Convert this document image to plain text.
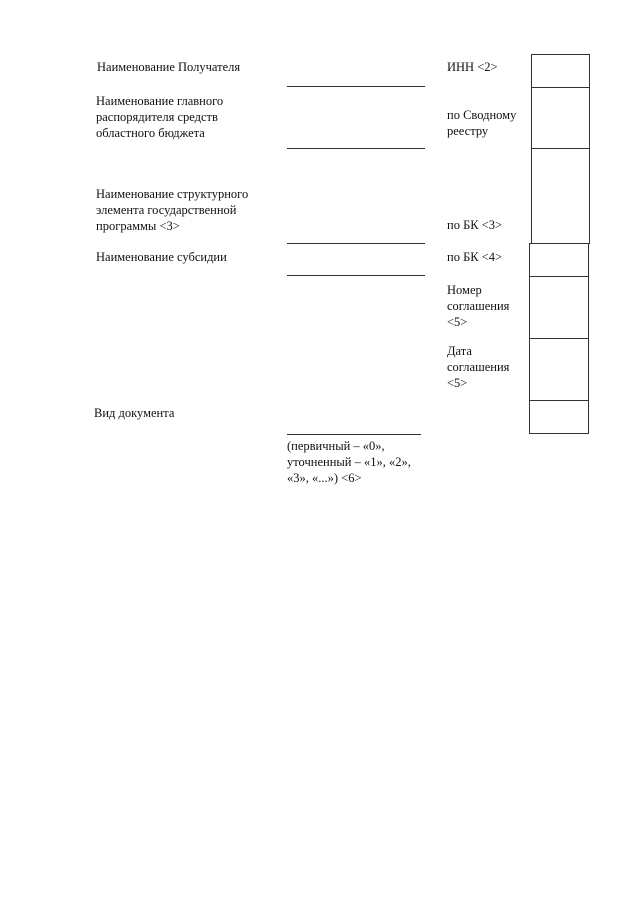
Наименование Получателя
Наименование главного
распорядителя средств
областного бюджета
Наименование структурного
элемента государственной
программы <3>
Наименование субсидии
Вид документа
(первичный – «0»,
уточненный – «1», «2»,
«3», «...») <6>
ИНН <2>
по Сводному
реестру
по БК <3>
по БК <4>
Номер
соглашения
<5>
Дата
соглашения
<5>
